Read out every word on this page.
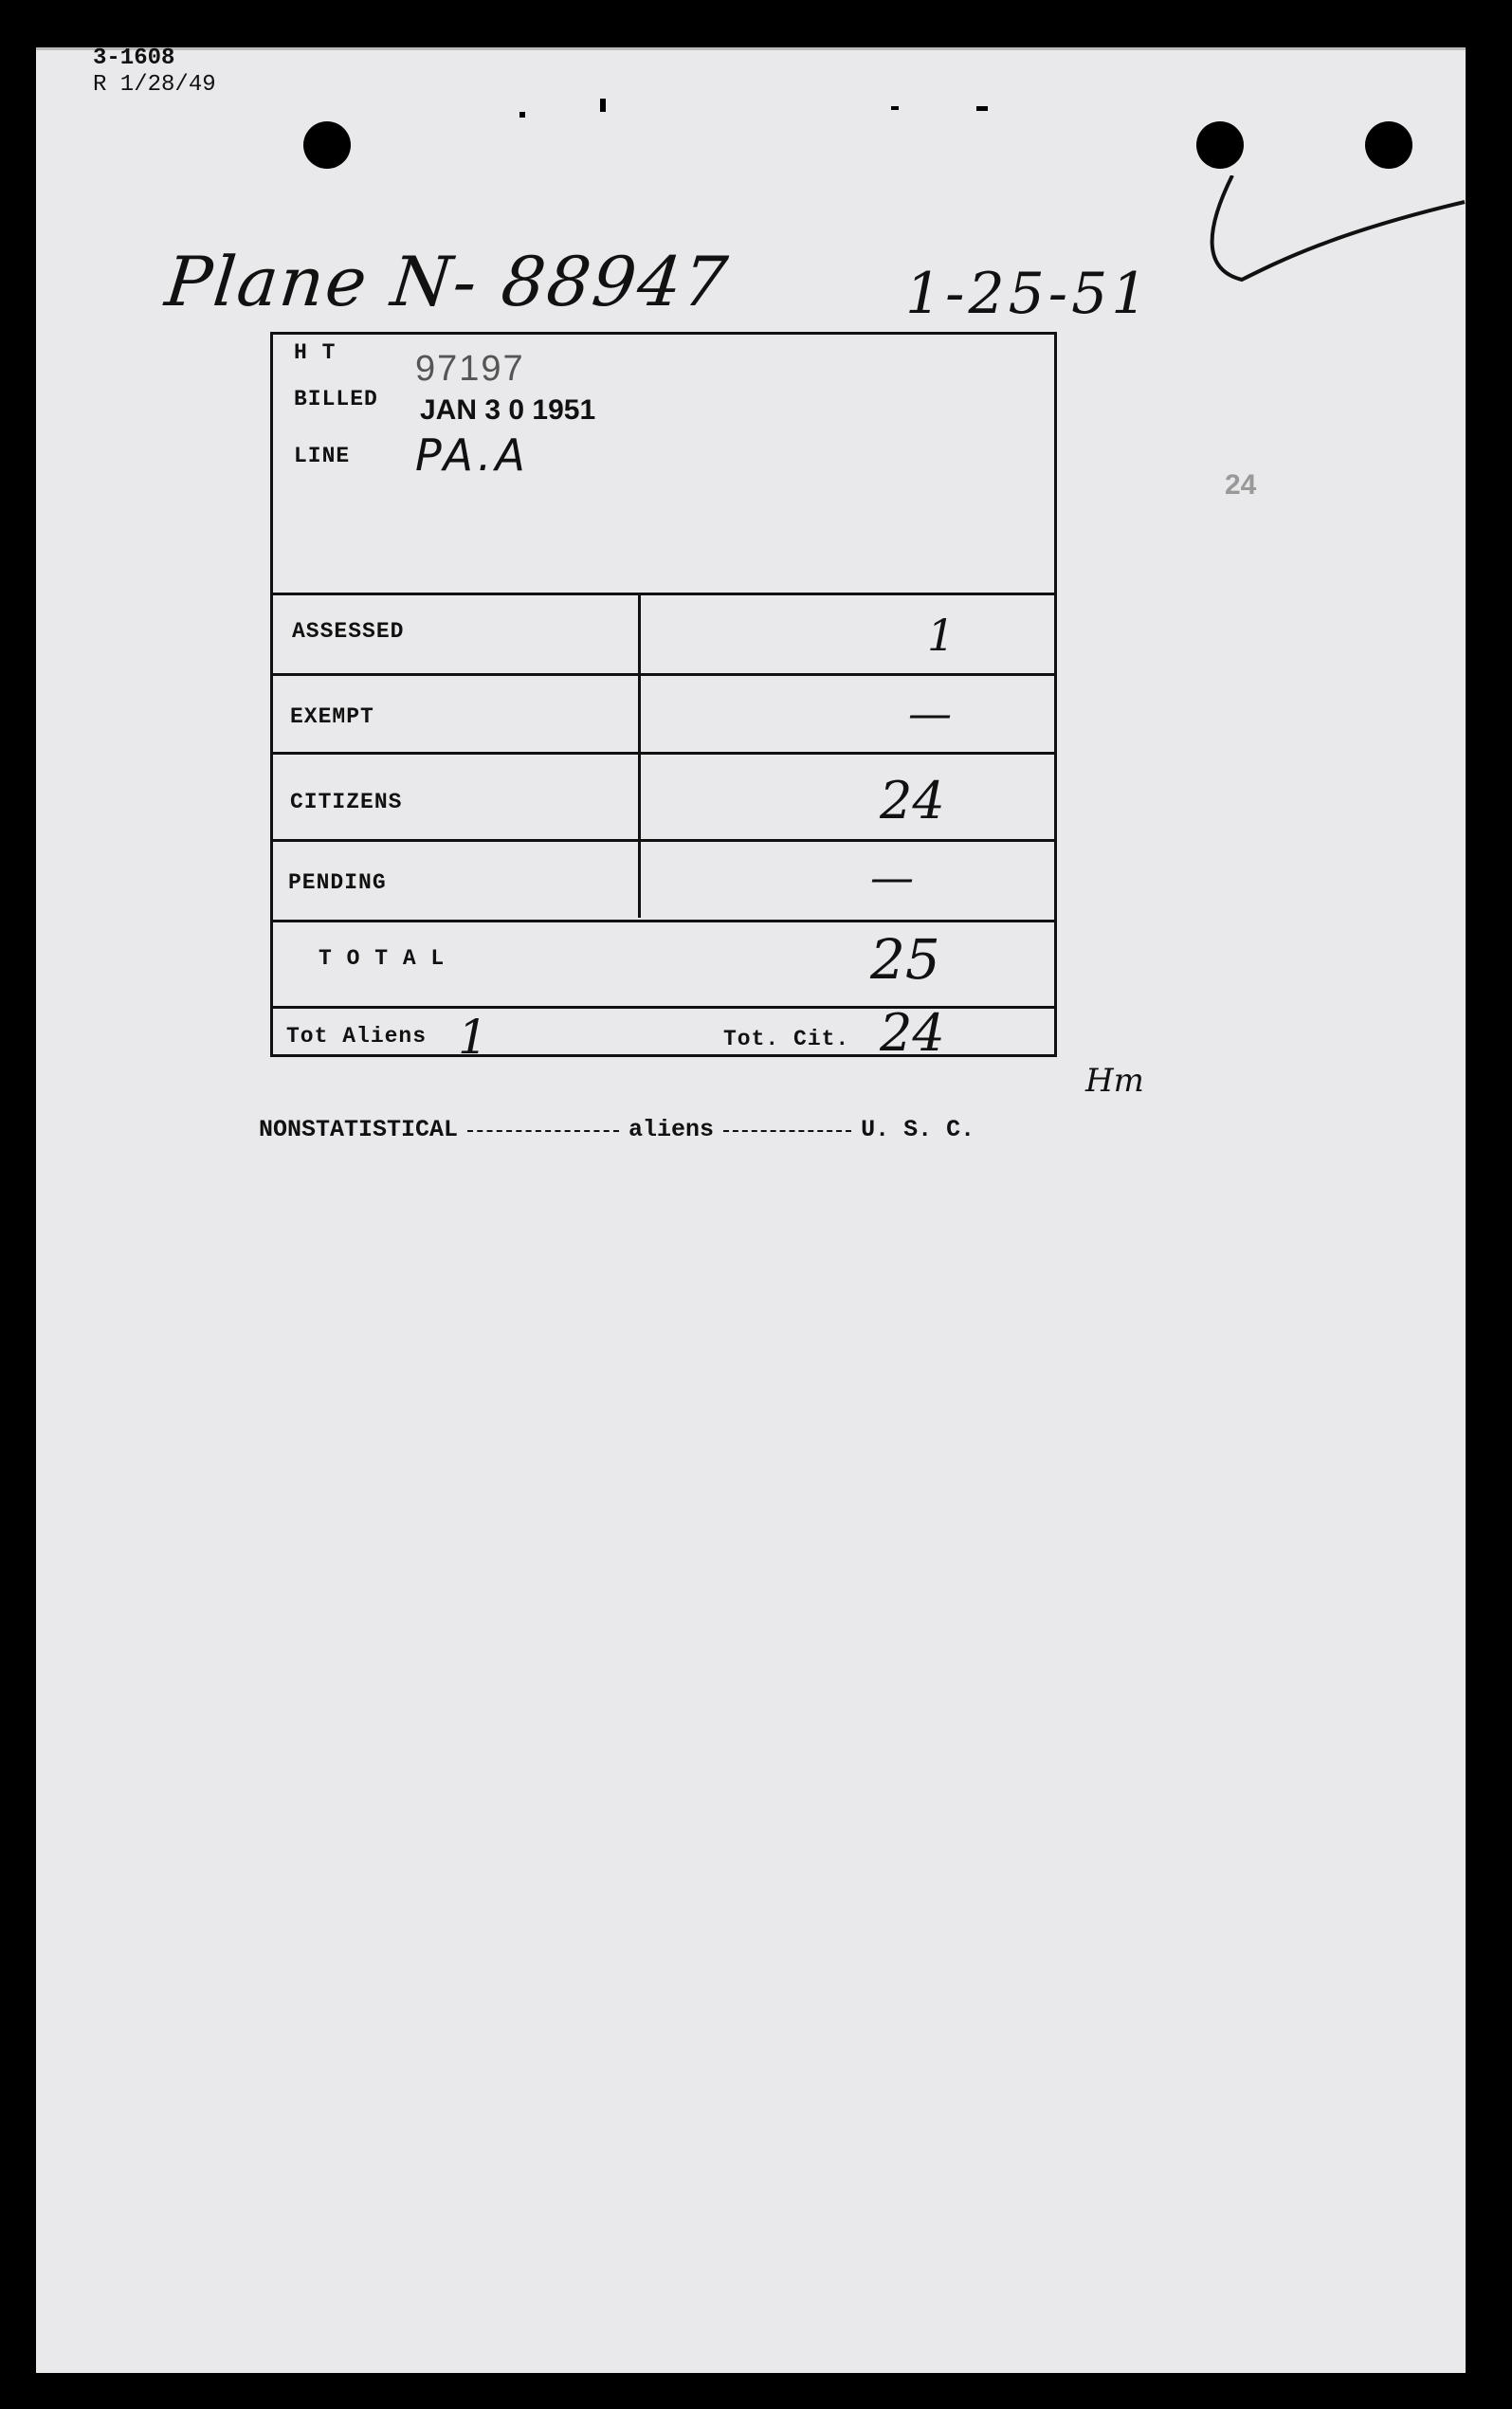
3-1608
R 1/28/49
Plane N- 88947	1-25-51
24
H T 97197
BILLED JAN 3 0 1951
LINE PA.A
ASSESSED	1
EXEMPT	—
CITIZENS	24
PENDING	—
T O T A L	25
Tot Aliens 1	Tot. Cit. 24
Hm
NONSTATISTICAL	aliens	U. S. C.
